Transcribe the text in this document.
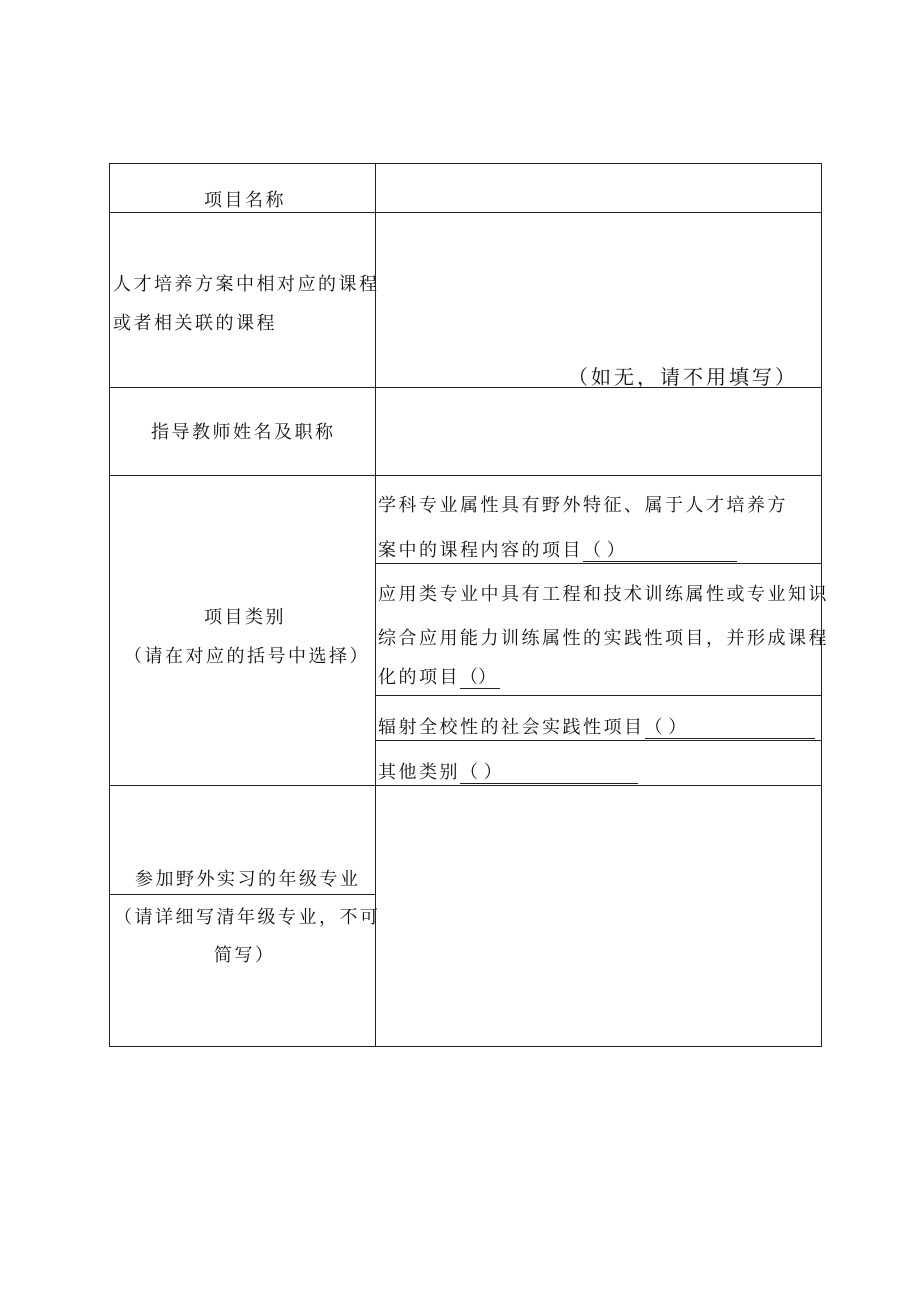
项目名称
人才培养方案中相对应的课程
或者相关联的课程
（如无，请不用填写）
指导教师姓名及职称
项目类别
（请在对应的括号中选择）
学科专业属性具有野外特征、属于人才培养方
案中的课程内容的项目（ ）
应用类专业中具有工程和技术训练属性或专业知识
综合应用能力训练属性的实践性项目，并形成课程
化的项目（）
辐射全校性的社会实践性项目（ ）
其他类别（ ）
参加野外实习的年级专业
（请详细写清年级专业，不可
简写）
